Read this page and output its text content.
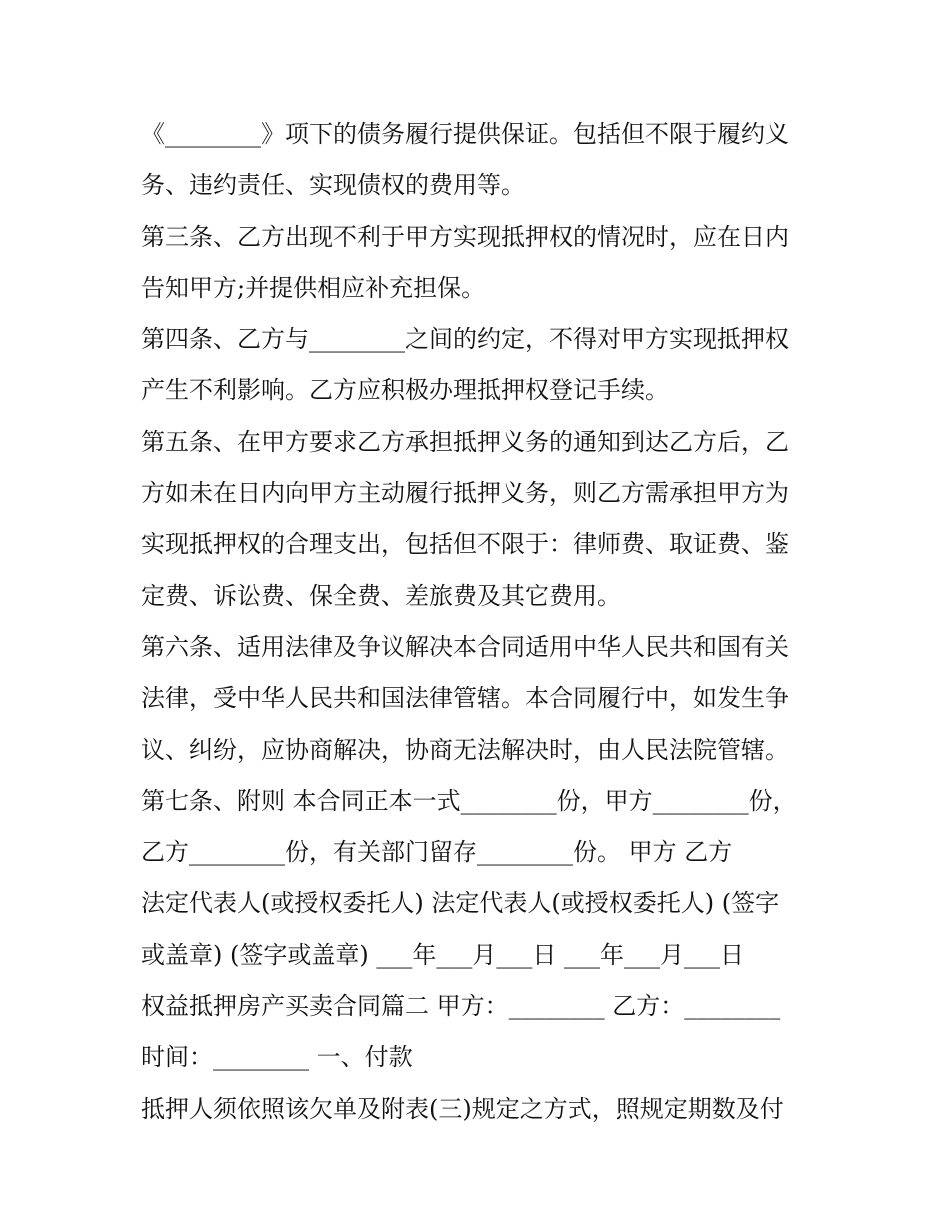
《________》项下的债务履行提供保证。包括但不限于履约义
务、违约责任、实现债权的费用等。
第三条、乙方出现不利于甲方实现抵押权的情况时，应在日内
告知甲方;并提供相应补充担保。
第四条、乙方与________之间的约定，不得对甲方实现抵押权
产生不利影响。乙方应积极办理抵押权登记手续。
第五条、在甲方要求乙方承担抵押义务的通知到达乙方后，乙
方如未在日内向甲方主动履行抵押义务，则乙方需承担甲方为
实现抵押权的合理支出，包括但不限于：律师费、取证费、鉴
定费、诉讼费、保全费、差旅费及其它费用。
第六条、适用法律及争议解决本合同适用中华人民共和国有关
法律，受中华人民共和国法律管辖。本合同履行中，如发生争
议、纠纷，应协商解决，协商无法解决时，由人民法院管辖。
第七条、附则 本合同正本一式________份，甲方________份，
乙方________份，有关部门留存________份。 甲方 乙方
法定代表人(或授权委托人) 法定代表人(或授权委托人) (签字
或盖章) (签字或盖章) ___年___月___日 ___年___月___日
权益抵押房产买卖合同篇二 甲方：________ 乙方：________
时间：________ 一、付款
抵押人须依照该欠单及附表(三)规定之方式，照规定期数及付
